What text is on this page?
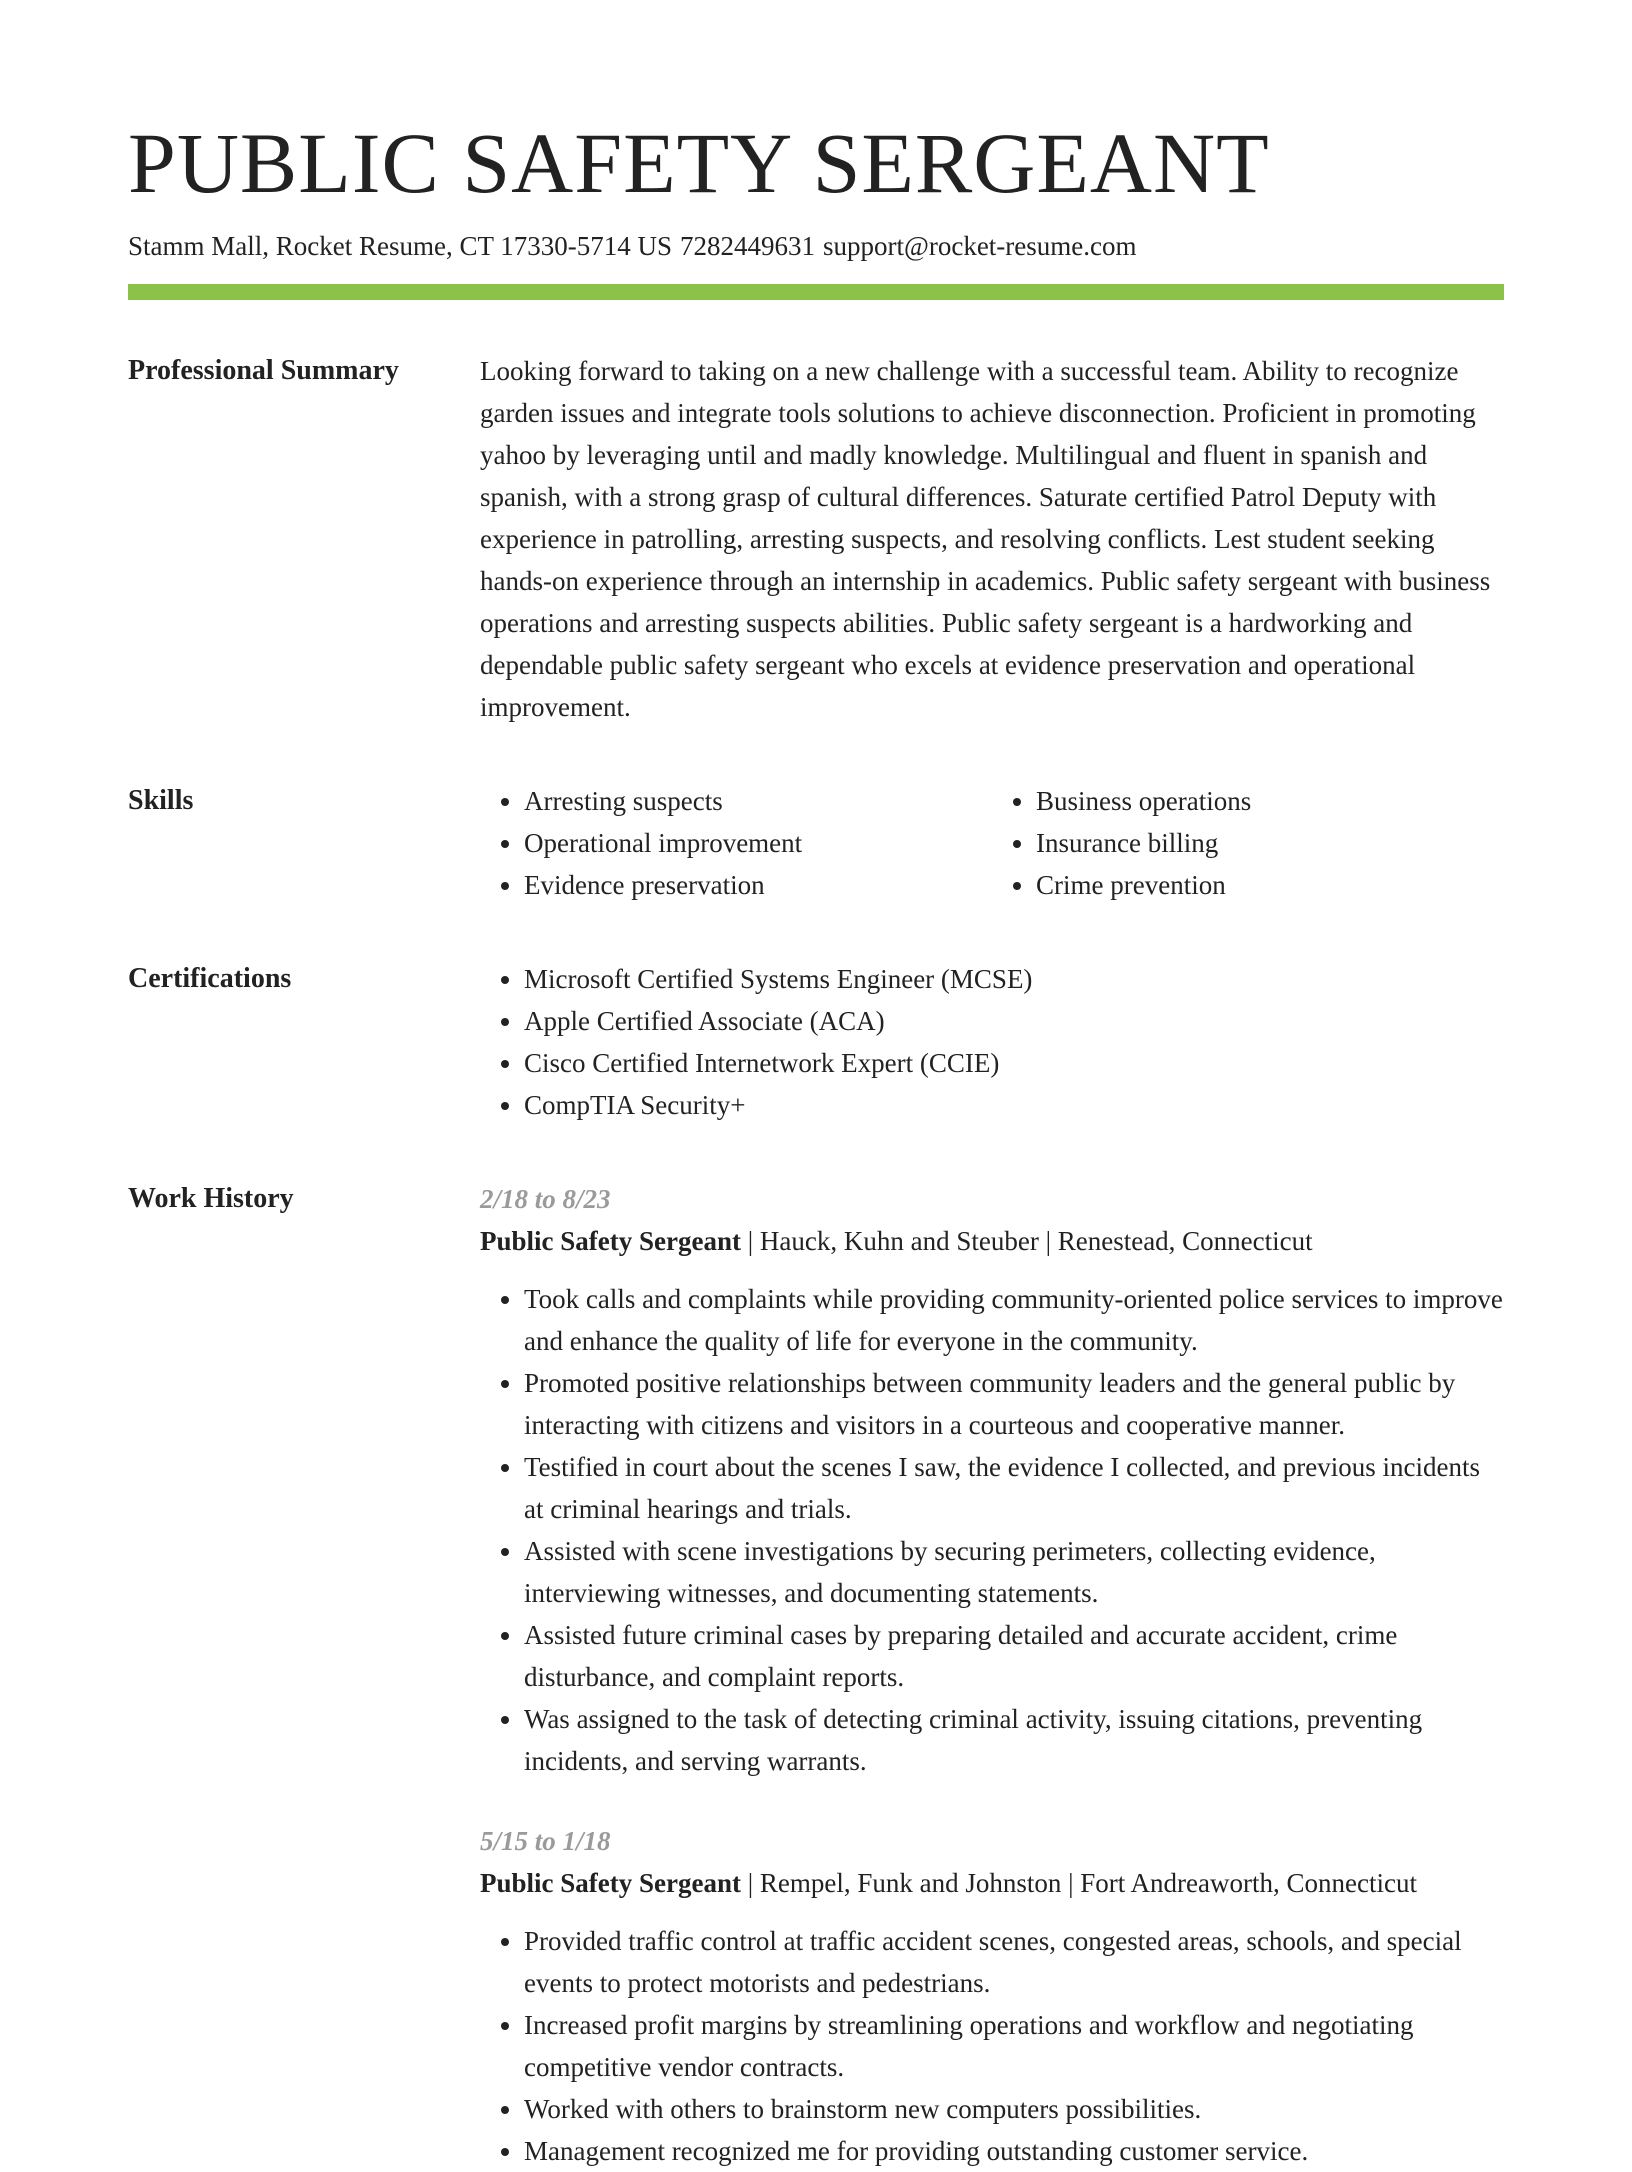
PUBLIC SAFETY SERGEANT
Stamm Mall, Rocket Resume, CT 17330-5714 US 7282449631 support@rocket-resume.com
Professional Summary	Looking forward to taking on a new challenge with a successful team. Ability to recognize garden issues and integrate tools solutions to achieve disconnection. Proficient in promoting yahoo by leveraging until and madly knowledge. Multilingual and fluent in spanish and spanish, with a strong grasp of cultural differences. Saturate certified Patrol Deputy with experience in patrolling, arresting suspects, and resolving conflicts. Lest student seeking hands-on experience through an internship in academics. Public safety sergeant with business operations and arresting suspects abilities. Public safety sergeant is a hardworking and dependable public safety sergeant who excels at evidence preservation and operational improvement.

Skills	• Arresting suspects
• Operational improvement
• Evidence preservation
• Business operations
• Insurance billing
• Crime prevention
Certifications	• Microsoft Certified Systems Engineer (MCSE)
• Apple Certified Associate (ACA)
• Cisco Certified Internetwork Expert (CCIE)
• CompTIA Security+
Work History	2/18 to 8/23
Public Safety Sergeant | Hauck, Kuhn and Steuber | Renestead, Connecticut
• Took calls and complaints while providing community-oriented police services to improve and enhance the quality of life for everyone in the community.
• Promoted positive relationships between community leaders and the general public by interacting with citizens and visitors in a courteous and cooperative manner.
• Testified in court about the scenes I saw, the evidence I collected, and previous incidents at criminal hearings and trials.
• Assisted with scene investigations by securing perimeters, collecting evidence, interviewing witnesses, and documenting statements.
• Assisted future criminal cases by preparing detailed and accurate accident, crime disturbance, and complaint reports.
• Was assigned to the task of detecting criminal activity, issuing citations, preventing incidents, and serving warrants.
5/15 to 1/18
Public Safety Sergeant | Rempel, Funk and Johnston | Fort Andreaworth, Connecticut
• Provided traffic control at traffic accident scenes, congested areas, schools, and special events to protect motorists and pedestrians.
• Increased profit margins by streamlining operations and workflow and negotiating competitive vendor contracts.
• Worked with others to brainstorm new computers possibilities.
• Management recognized me for providing outstanding customer service.
